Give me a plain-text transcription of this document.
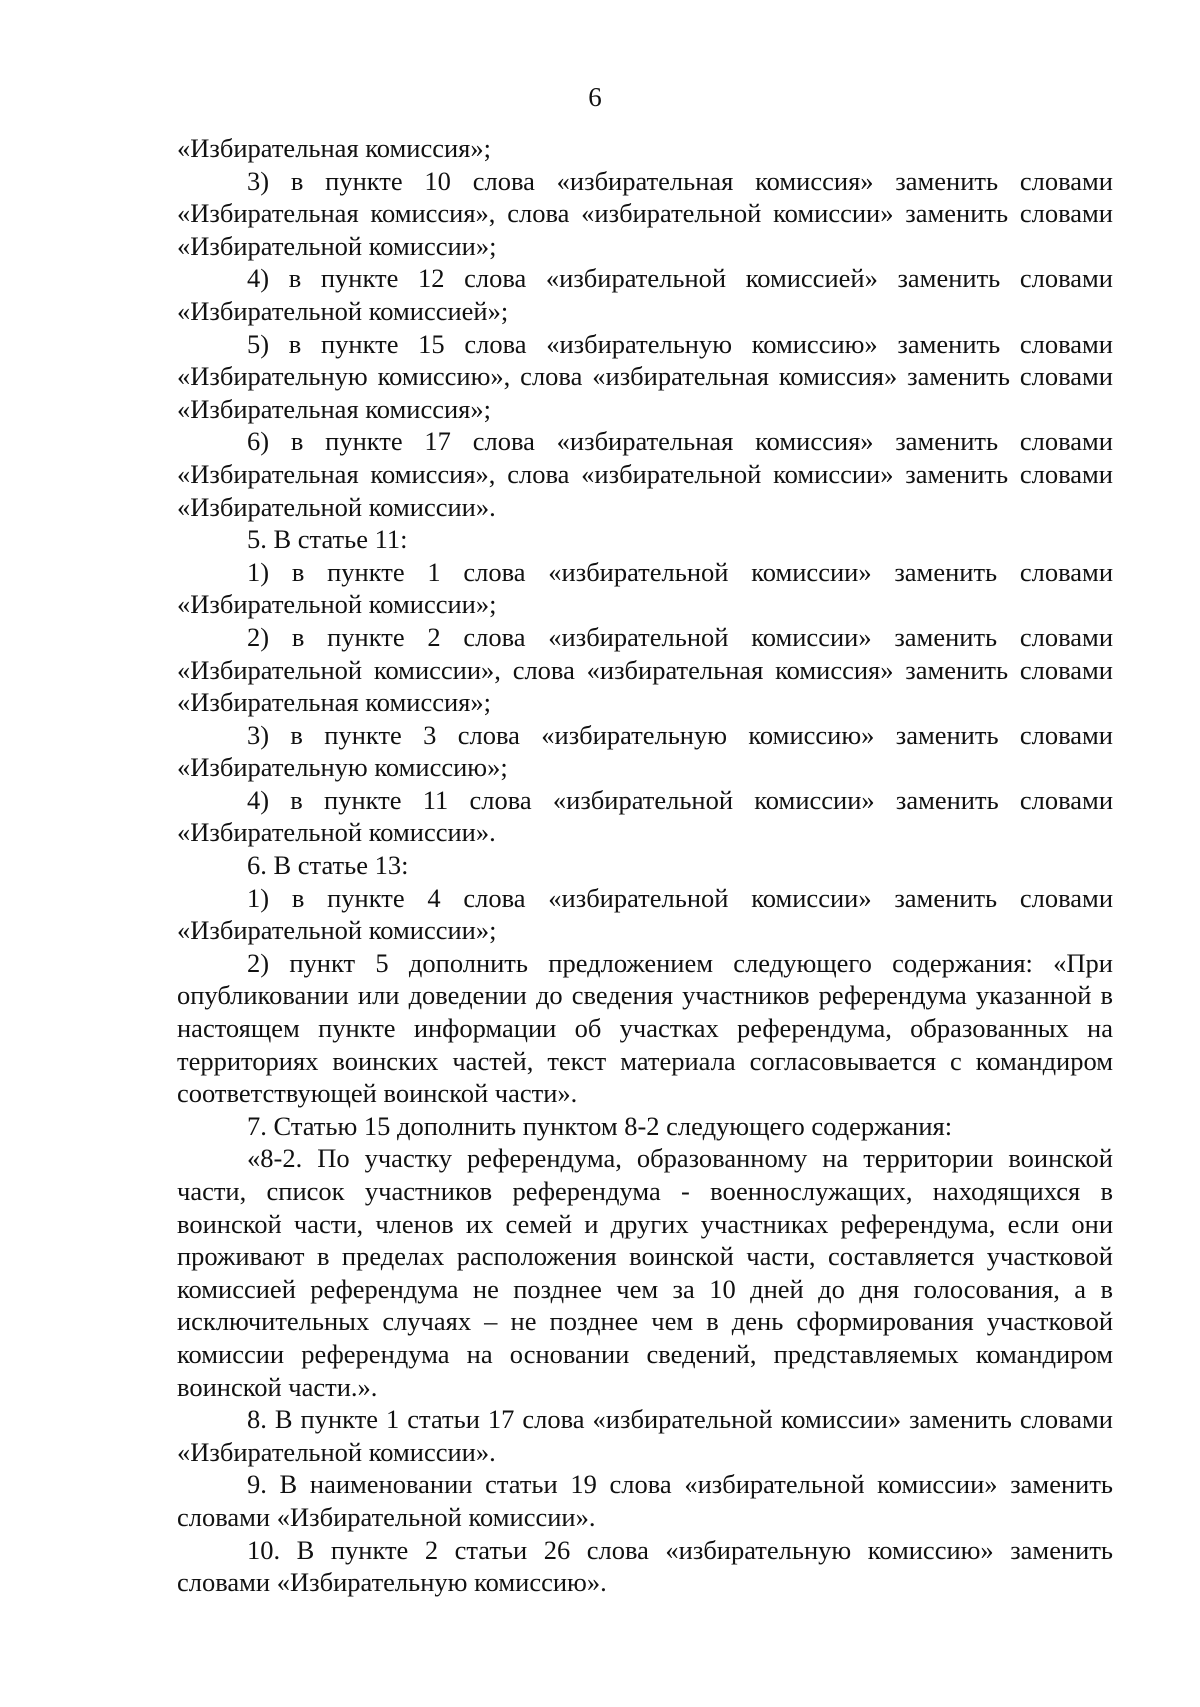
6

«Избирательная комиссия»;

3) в пункте 10 слова «избирательная комиссия» заменить словами «Избирательная комиссия», слова «избирательной комиссии» заменить словами «Избирательной комиссии»;

4) в пункте 12 слова «избирательной комиссией» заменить словами «Избирательной комиссией»;

5) в пункте 15 слова «избирательную комиссию» заменить словами «Избирательную комиссию», слова «избирательная комиссия» заменить словами «Избирательная комиссия»;

6) в пункте 17 слова «избирательная комиссия» заменить словами «Избирательная комиссия», слова «избирательной комиссии» заменить словами «Избирательной комиссии».

5. В статье 11:

1) в пункте 1 слова «избирательной комиссии» заменить словами «Избирательной комиссии»;

2) в пункте 2 слова «избирательной комиссии» заменить словами «Избирательной комиссии», слова «избирательная комиссия» заменить словами «Избирательная комиссия»;

3) в пункте 3 слова «избирательную комиссию» заменить словами «Избирательную комиссию»;

4) в пункте 11 слова «избирательной комиссии» заменить словами «Избирательной комиссии».

6. В статье 13:

1) в пункте 4 слова «избирательной комиссии» заменить словами «Избирательной комиссии»;

2) пункт 5 дополнить предложением следующего содержания: «При опубликовании или доведении до сведения участников референдума указанной в настоящем пункте информации об участках референдума, образованных на территориях воинских частей, текст материала согласовывается с командиром соответствующей воинской части».

7. Статью 15 дополнить пунктом 8-2 следующего содержания:

«8-2. По участку референдума, образованному на территории воинской части, список участников референдума - военнослужащих, находящихся в воинской части, членов их семей и других участниках референдума, если они проживают в пределах расположения воинской части, составляется участковой комиссией референдума не позднее чем за 10 дней до дня голосования, а в исключительных случаях – не позднее чем в день сформирования участковой комиссии референдума на основании сведений, представляемых командиром воинской части.».

8. В пункте 1 статьи 17 слова «избирательной комиссии» заменить словами «Избирательной комиссии».

9. В наименовании статьи 19 слова «избирательной комиссии» заменить словами «Избирательной комиссии».

10. В пункте 2 статьи 26 слова «избирательную комиссию» заменить словами «Избирательную комиссию».
